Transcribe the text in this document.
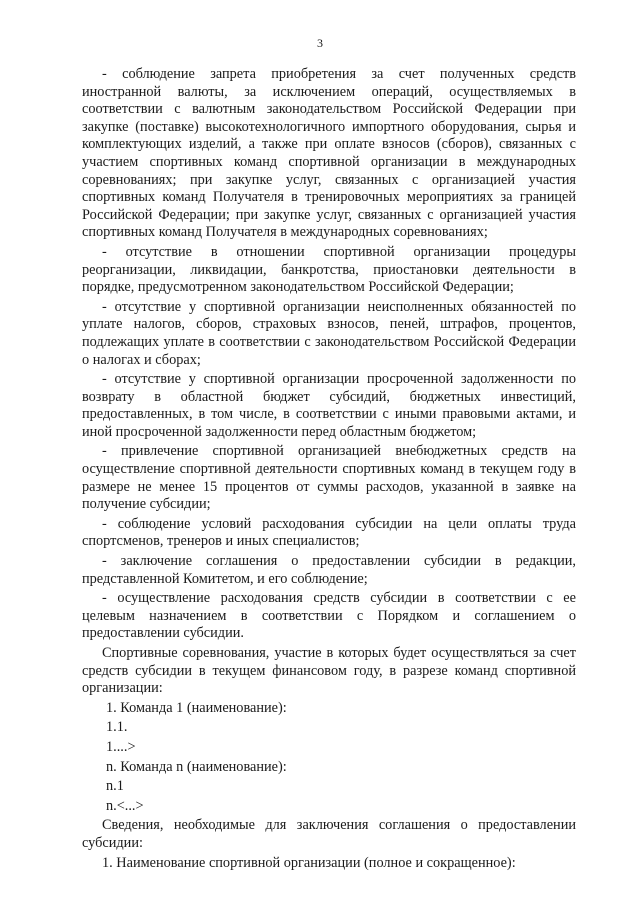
3

- соблюдение запрета приобретения за счет полученных средств иностранной валюты, за исключением операций, осуществляемых в соответствии с валютным законодательством Российской Федерации при закупке (поставке) высокотехнологичного импортного оборудования, сырья и комплектующих изделий, а также при оплате взносов (сборов), связанных с участием спортивных команд спортивной организации в международных соревнованиях; при закупке услуг, связанных с организацией участия спортивных команд Получателя в тренировочных мероприятиях за границей Российской Федерации; при закупке услуг, связанных с организацией участия спортивных команд Получателя в международных соревнованиях;

- отсутствие в отношении спортивной организации процедуры реорганизации, ликвидации, банкротства, приостановки деятельности в порядке, предусмотренном законодательством Российской Федерации;

- отсутствие у спортивной организации неисполненных обязанностей по уплате налогов, сборов, страховых взносов, пеней, штрафов, процентов, подлежащих уплате в соответствии с законодательством Российской Федерации о налогах и сборах;

- отсутствие у спортивной организации просроченной задолженности по возврату в областной бюджет субсидий, бюджетных инвестиций, предоставленных, в том числе, в соответствии с иными правовыми актами, и иной просроченной задолженности перед областным бюджетом;

- привлечение спортивной организацией внебюджетных средств на осуществление спортивной деятельности спортивных команд в текущем году в размере не менее 15 процентов от суммы расходов, указанной в заявке на получение субсидии;

- соблюдение условий расходования субсидии на цели оплаты труда спортсменов, тренеров и иных специалистов;

- заключение соглашения о предоставлении субсидии в редакции, представленной Комитетом, и его соблюдение;

- осуществление расходования средств субсидии в соответствии с ее целевым назначением в соответствии с Порядком и соглашением о предоставлении субсидии.

Спортивные соревнования, участие в которых будет осуществляться за счет средств субсидии в текущем финансовом году, в разрезе команд спортивной организации:

1. Команда 1 (наименование):

1.1.

1....>

n. Команда n (наименование):

n.1

n.<...>

Сведения, необходимые для заключения соглашения о предоставлении субсидии:

1. Наименование спортивной организации (полное и сокращенное):
